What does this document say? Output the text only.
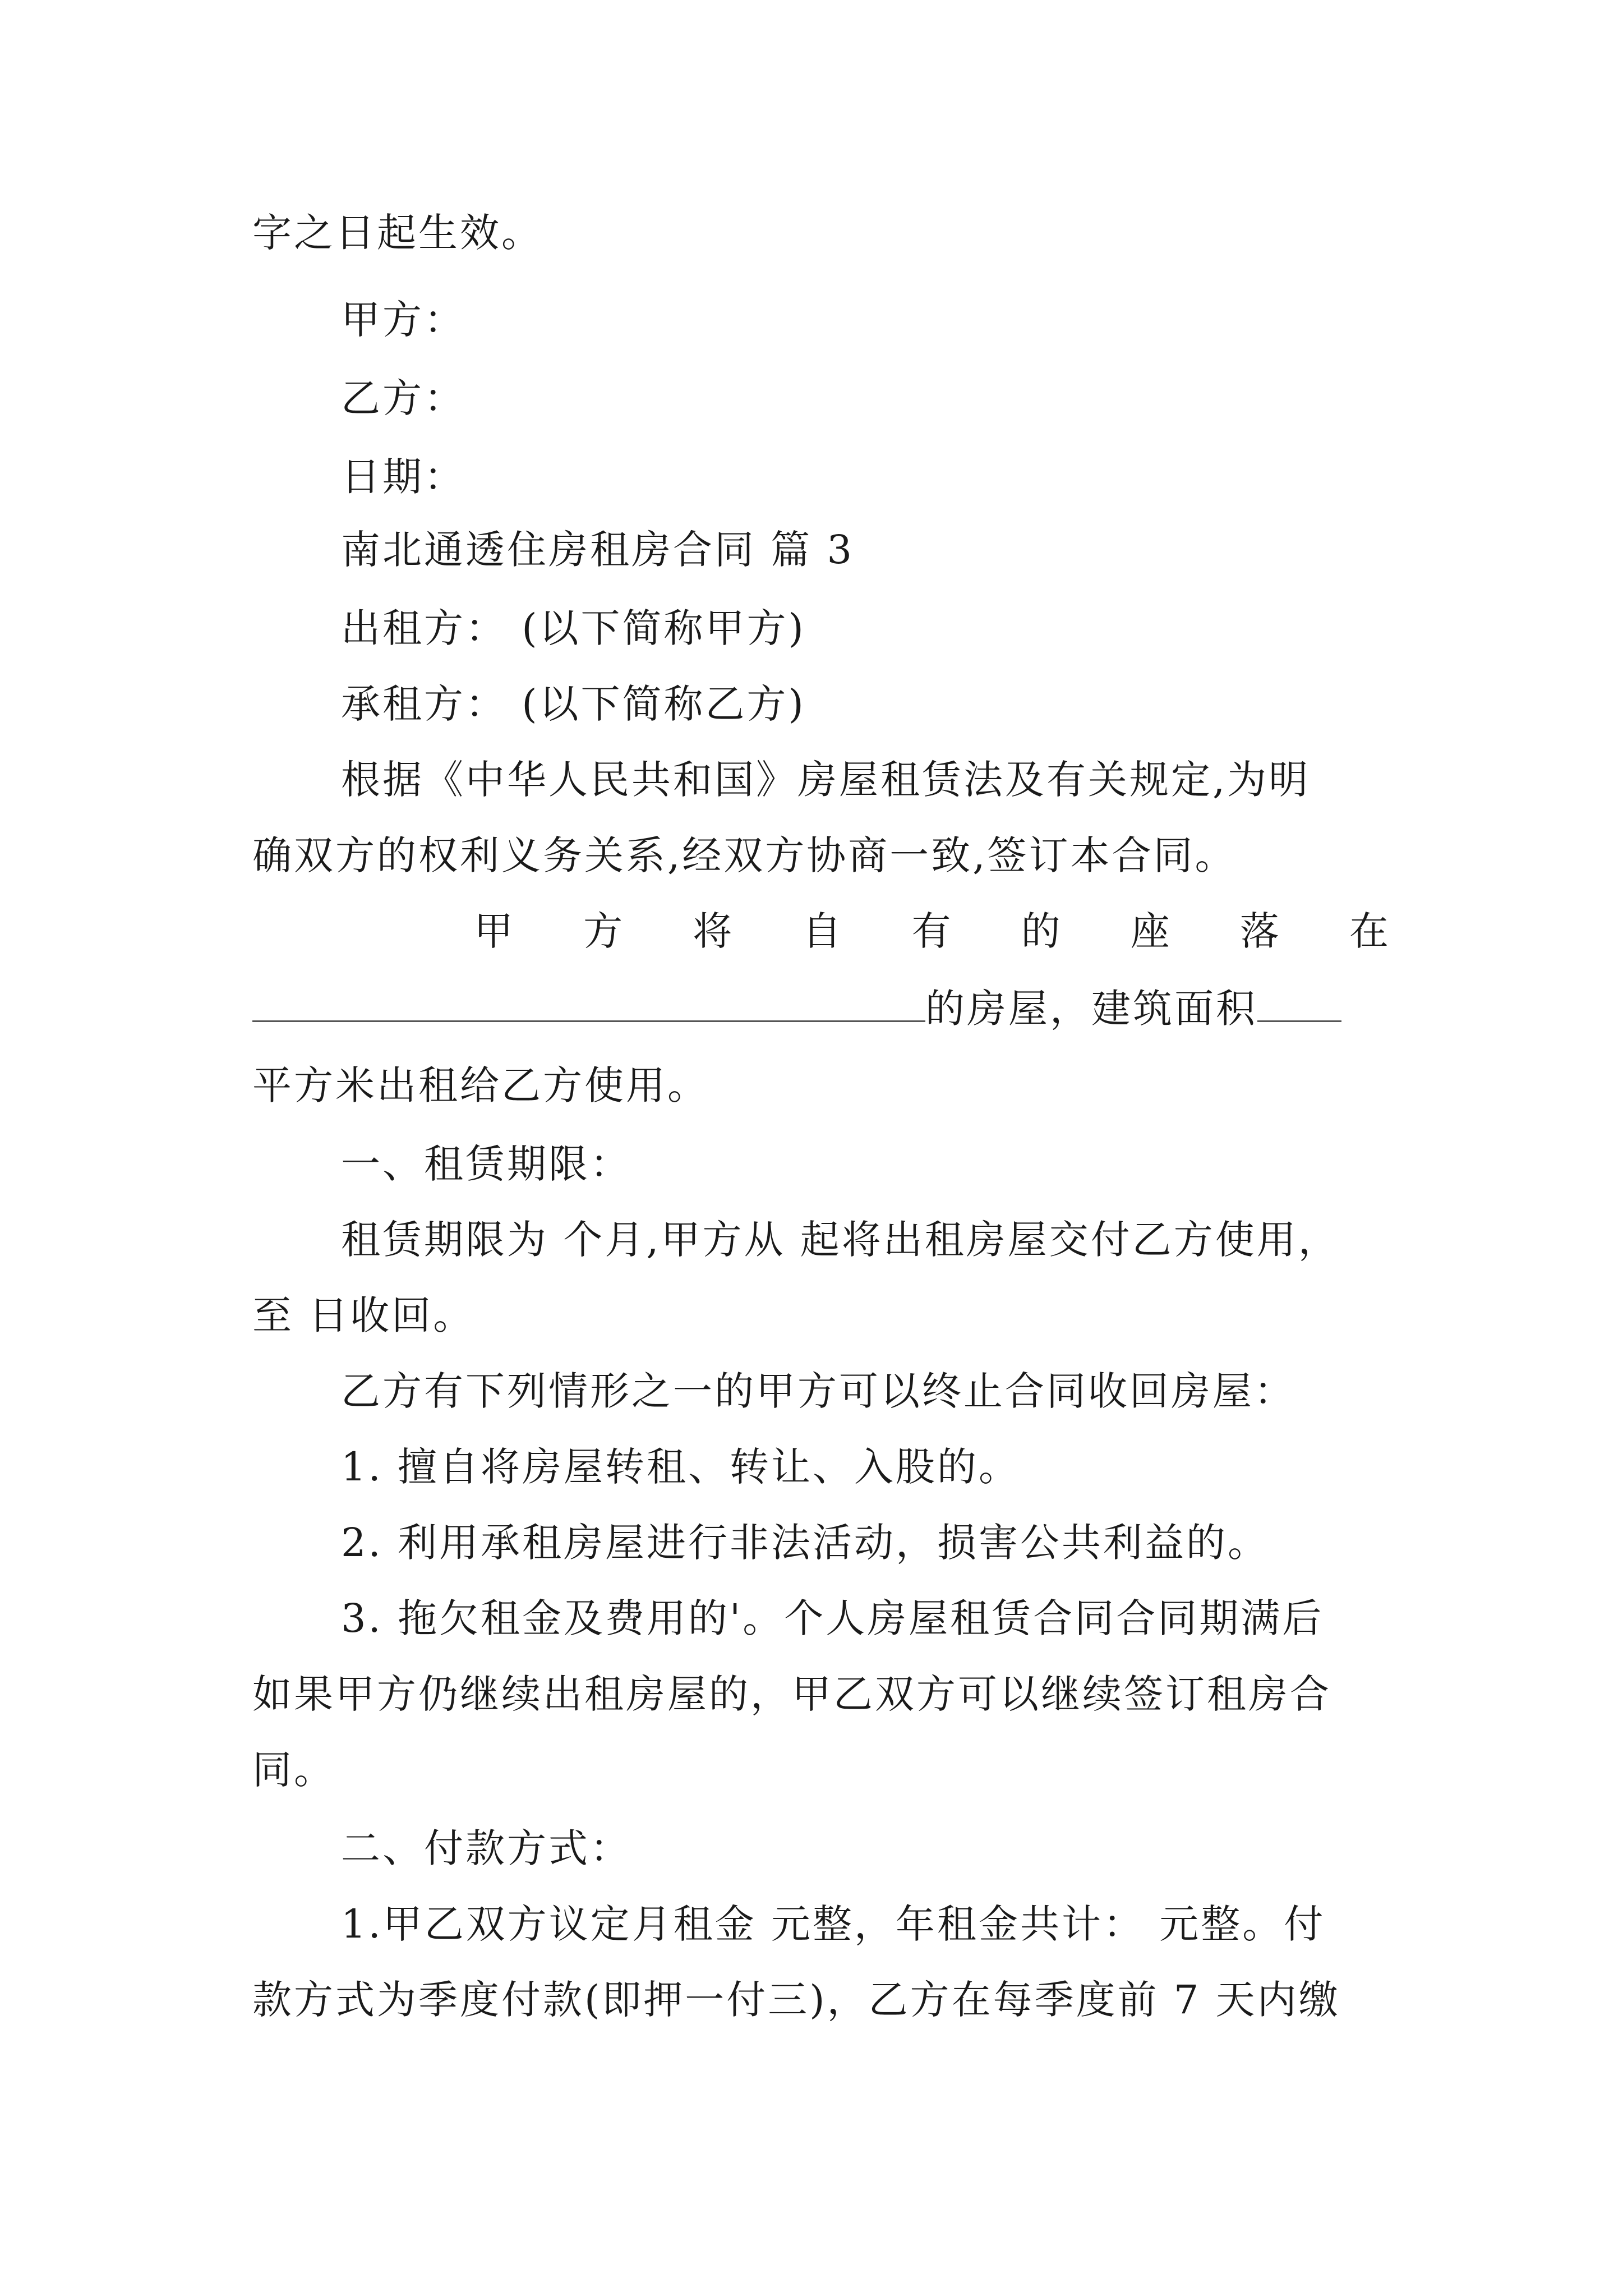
字之日起生效。
甲方：
乙方：
日期：
南北通透住房租房合同 篇 3
出租方： (以下简称甲方)
承租方： (以下简称乙方)
根据《中华人民共和国》房屋租赁法及有关规定,为明
确双方的权利义务关系,经双方协商一致,签订本合同。
甲 方 将 自 有 的 座 落 在
的房屋，建筑面积
平方米出租给乙方使用。
一、租赁期限：
租赁期限为 个月,甲方从 起将出租房屋交付乙方使用，
至 日收回。
乙方有下列情形之一的甲方可以终止合同收回房屋：
1. 擅自将房屋转租、转让、入股的。
2. 利用承租房屋进行非法活动，损害公共利益的。
3. 拖欠租金及费用的'。个人房屋租赁合同合同期满后
如果甲方仍继续出租房屋的，甲乙双方可以继续签订租房合
同。
二、付款方式：
1.甲乙双方议定月租金 元整，年租金共计： 元整。付
款方式为季度付款(即押一付三)，乙方在每季度前 7 天内缴
